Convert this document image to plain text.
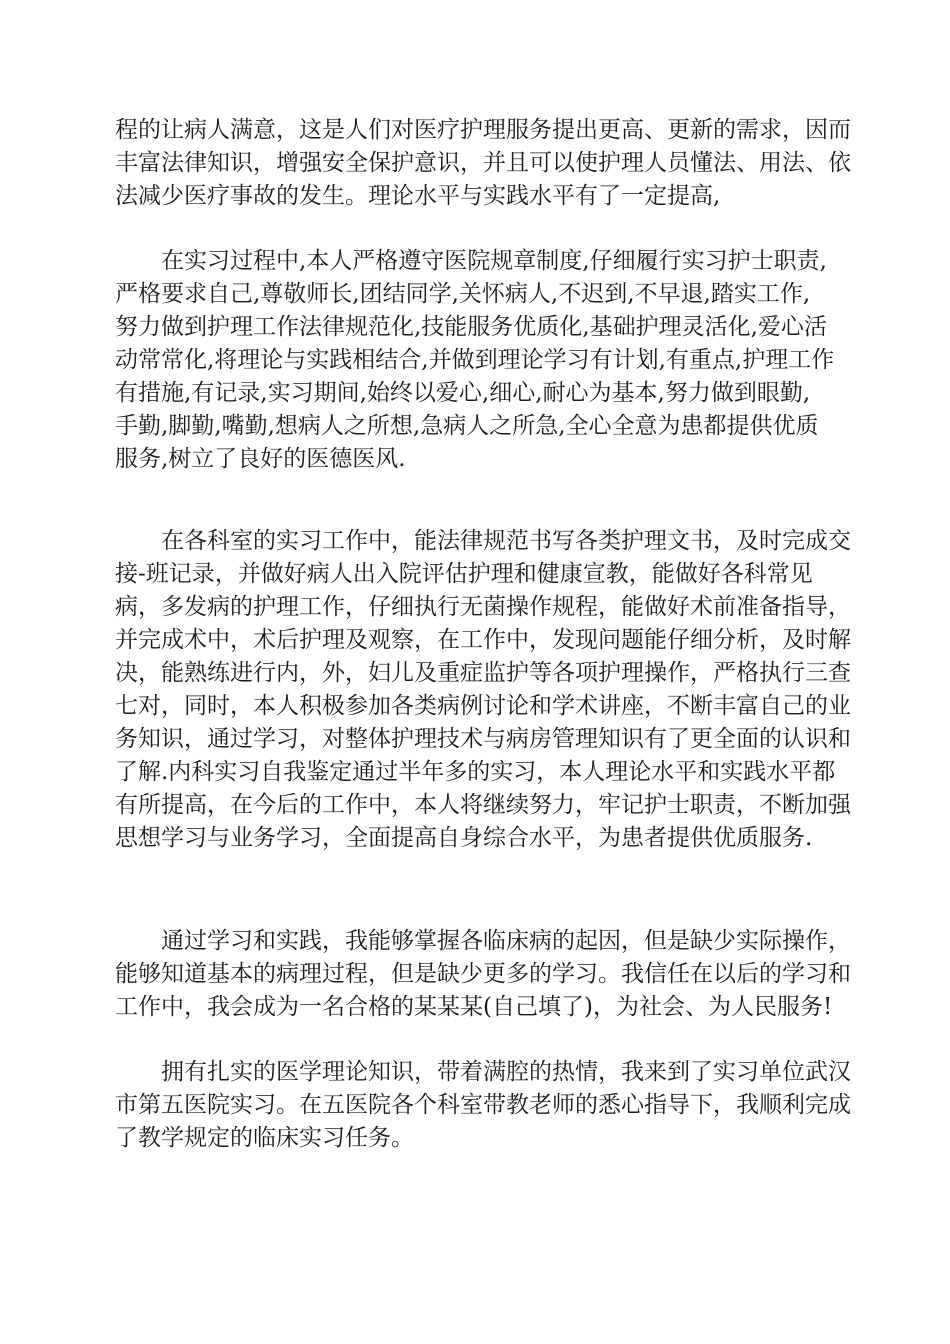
程的让病人满意，这是人们对医疗护理服务提出更高、更新的需求，因而
丰富法律知识，增强安全保护意识，并且可以使护理人员懂法、用法、依
法减少医疗事故的发生。理论水平与实践水平有了一定提高,
在实习过程中,本人严格遵守医院规章制度,仔细履行实习护士职责,
严格要求自己,尊敬师长,团结同学,关怀病人,不迟到,不早退,踏实工作,
努力做到护理工作法律规范化,技能服务优质化,基础护理灵活化,爱心活
动常常化,将理论与实践相结合,并做到理论学习有计划,有重点,护理工作
有措施,有记录,实习期间,始终以爱心,细心,耐心为基本,努力做到眼勤,
手勤,脚勤,嘴勤,想病人之所想,急病人之所急,全心全意为患都提供优质
服务,树立了良好的医德医风.
在各科室的实习工作中，能法律规范书写各类护理文书，及时完成交
接-班记录，并做好病人出入院评估护理和健康宣教，能做好各科常见
病，多发病的护理工作，仔细执行无菌操作规程，能做好术前准备指导，
并完成术中，术后护理及观察，在工作中，发现问题能仔细分析，及时解
决，能熟练进行内，外，妇儿及重症监护等各项护理操作，严格执行三查
七对，同时，本人积极参加各类病例讨论和学术讲座，不断丰富自己的业
务知识，通过学习，对整体护理技术与病房管理知识有了更全面的认识和
了解.内科实习自我鉴定通过半年多的实习，本人理论水平和实践水平都
有所提高，在今后的工作中，本人将继续努力，牢记护士职责，不断加强
思想学习与业务学习，全面提高自身综合水平，为患者提供优质服务.
通过学习和实践，我能够掌握各临床病的起因，但是缺少实际操作，
能够知道基本的病理过程，但是缺少更多的学习。我信任在以后的学习和
工作中，我会成为一名合格的某某某(自己填了)，为社会、为人民服务!
拥有扎实的医学理论知识，带着满腔的热情，我来到了实习单位武汉
市第五医院实习。在五医院各个科室带教老师的悉心指导下，我顺利完成
了教学规定的临床实习任务。
